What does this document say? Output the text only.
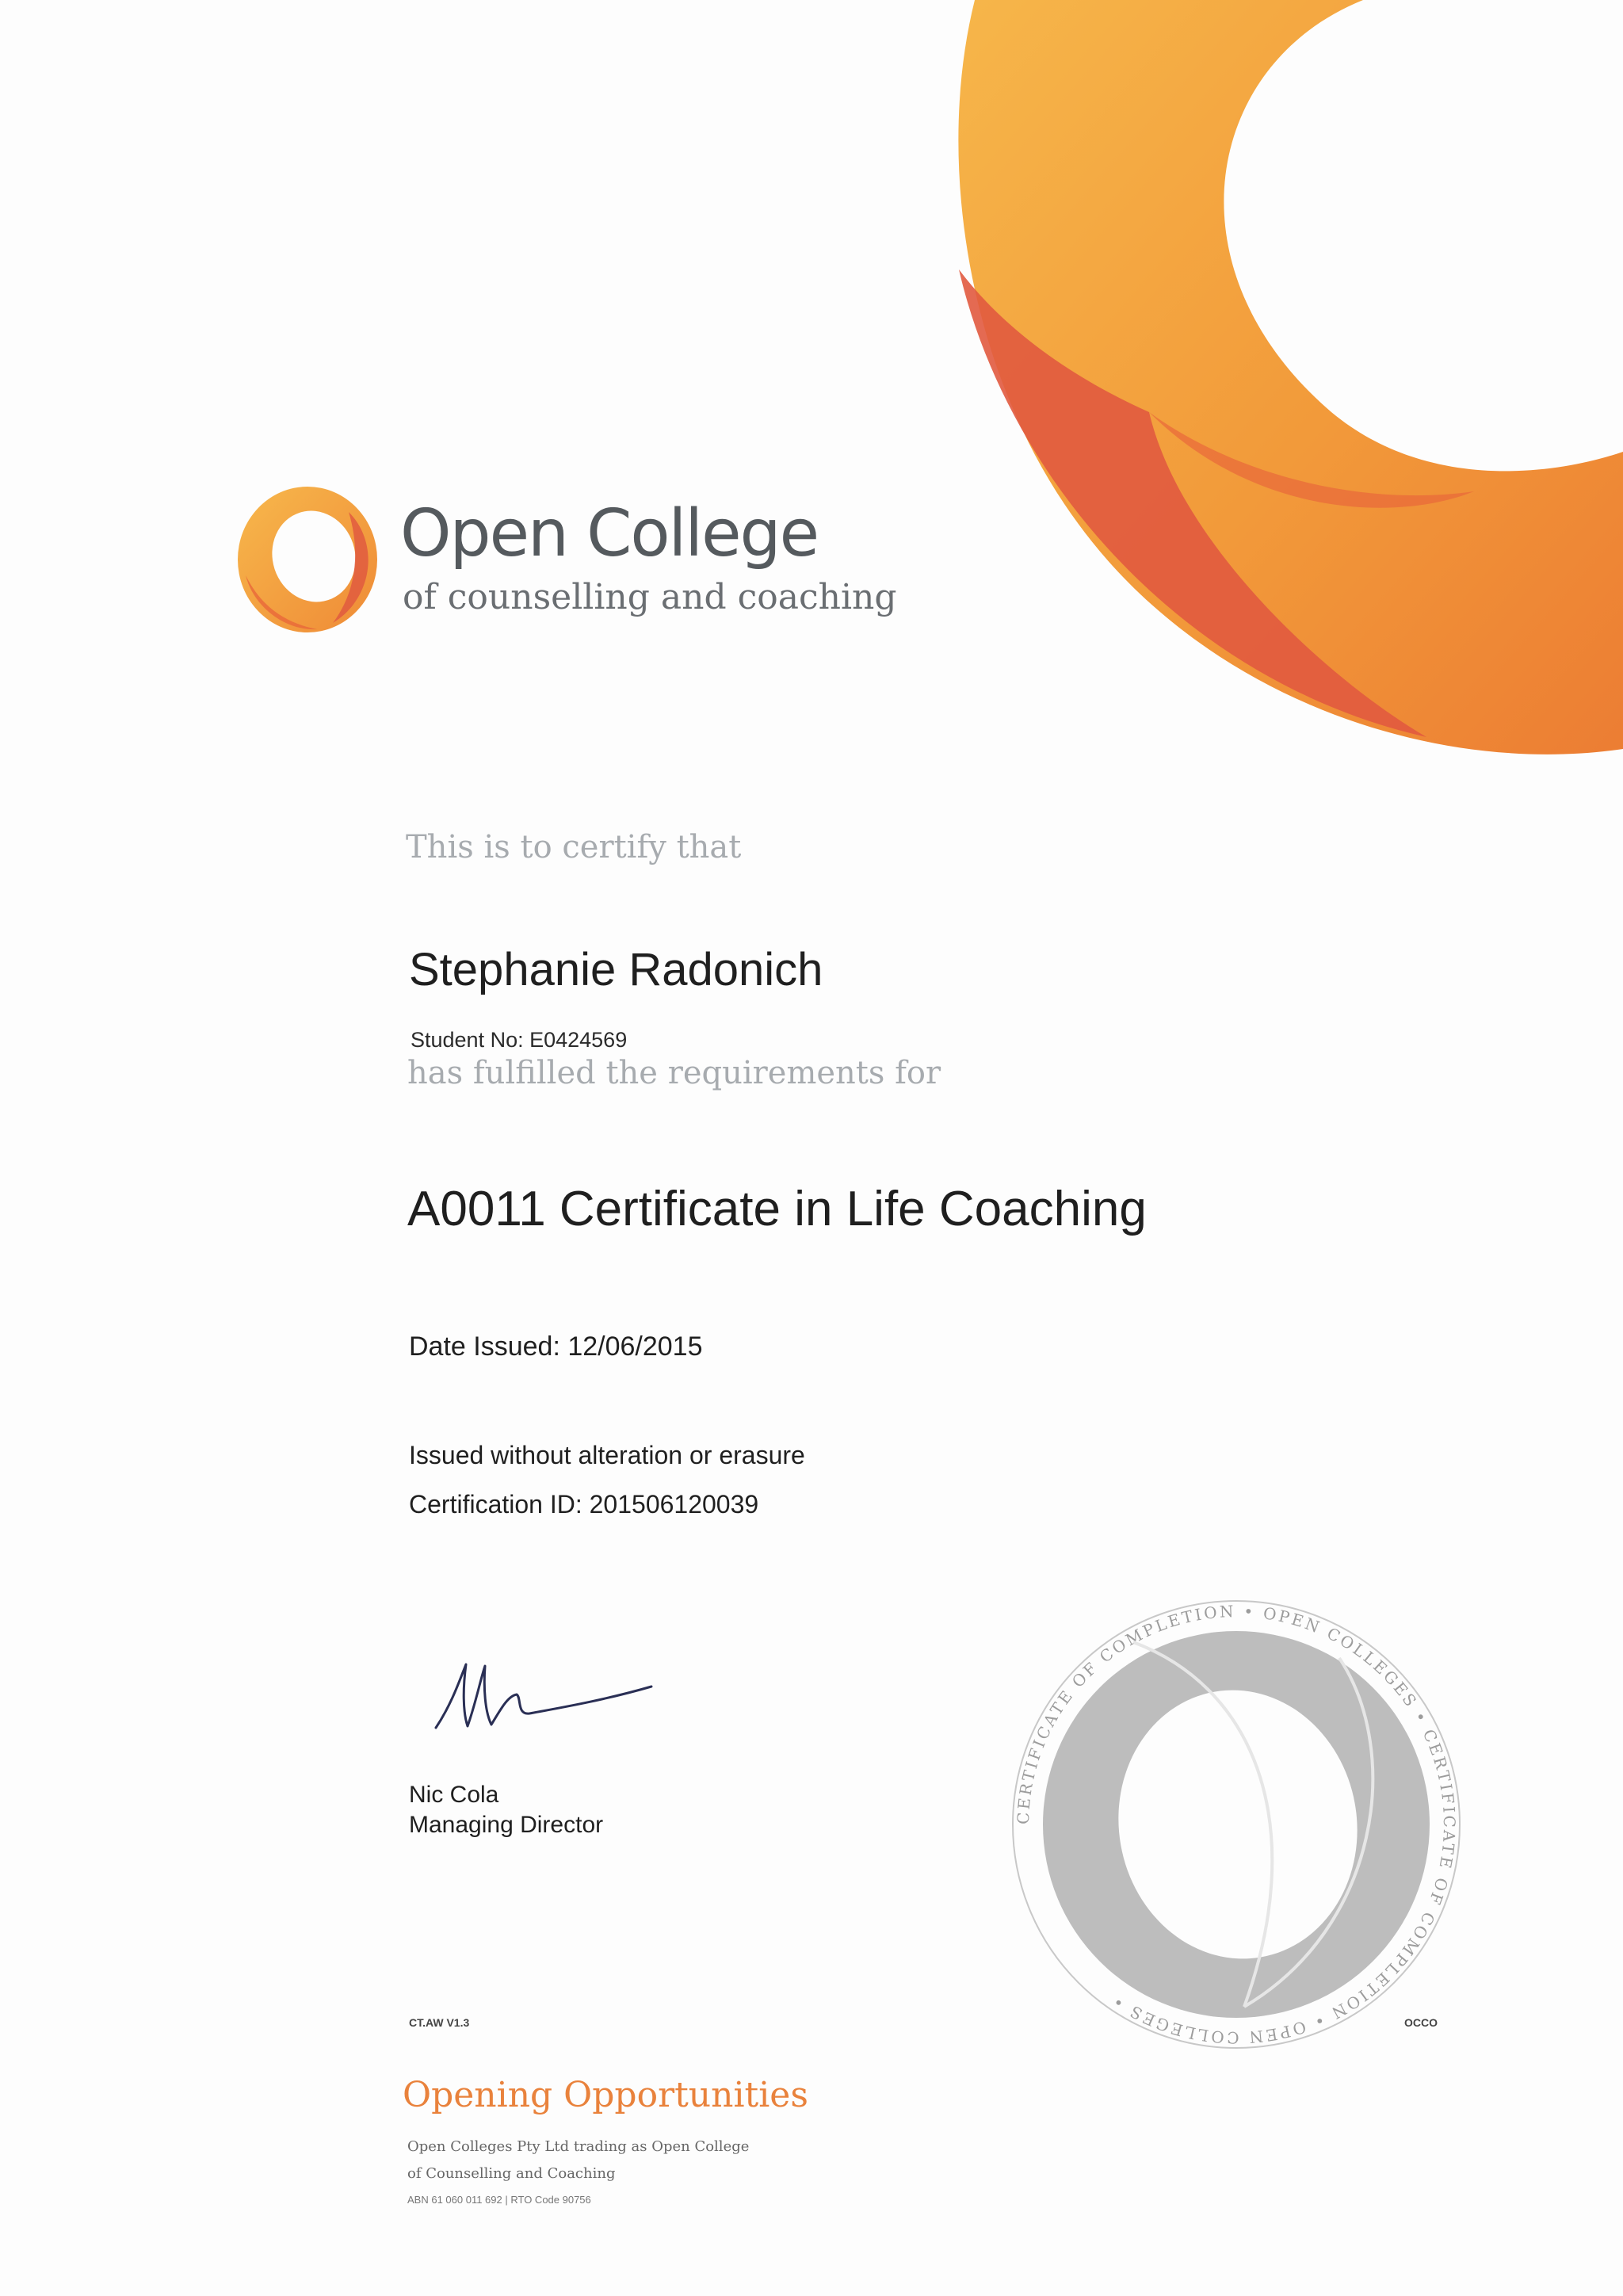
Open College
of counselling and coaching
This is to certify that
Stephanie Radonich
Student No: E0424569
has fulfilled the requirements for
A0011 Certificate in Life Coaching
Date Issued: 12/06/2015
Issued without alteration or erasure
Certification ID: 201506120039
Nic Cola
Managing Director
CT.AW V1.3	OCCO
CERTIFICATE OF COMPLETION • OPEN COLLEGES • CERTIFICATE OF COMPLETION • OPEN COLLEGES •
Opening Opportunities
Open Colleges Pty Ltd trading as Open College
of Counselling and Coaching
ABN 61 060 011 692 | RTO Code 90756
